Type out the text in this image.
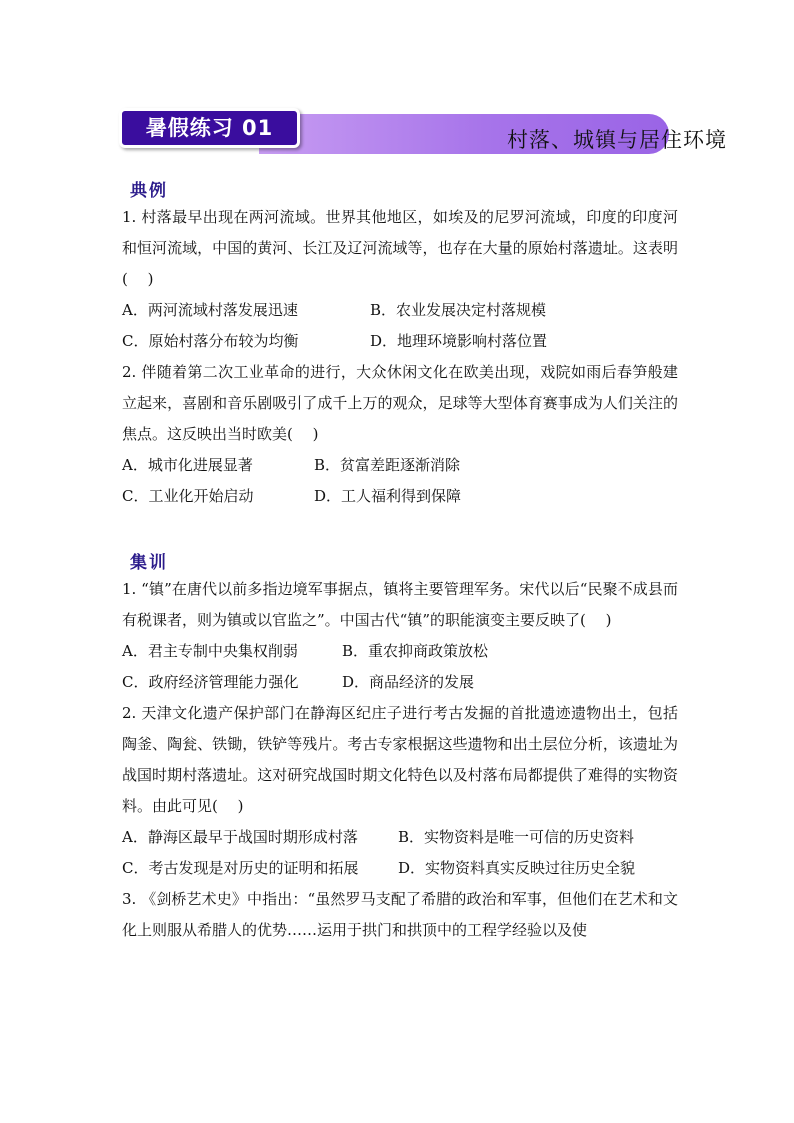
村落、城镇与居住环境
暑假练习 01
典例

1. 村落最早出现在两河流域。世界其他地区，如埃及的尼罗河流域，印度的印度河和恒河流域，中国的黄河、长江及辽河流域等，也存在大量的原始村落遗址。这表明(　 )

A．两河流域村落发展迅速	B．农业发展决定村落规模
C．原始村落分布较为均衡	D．地理环境影响村落位置

2. 伴随着第二次工业革命的进行，大众休闲文化在欧美出现，戏院如雨后春笋般建立起来，喜剧和音乐剧吸引了成千上万的观众，足球等大型体育赛事成为人们关注的焦点。这反映出当时欧美(　 )

A．城市化进展显著	B．贫富差距逐渐消除
C．工业化开始启动	D．工人福利得到保障
集训

1. “镇”在唐代以前多指边境军事据点，镇将主要管理军务。宋代以后“民聚不成县而有税课者，则为镇或以官监之”。中国古代“镇”的职能演变主要反映了(　 )

A．君主专制中央集权削弱	B．重农抑商政策放松
C．政府经济管理能力强化	D．商品经济的发展

2. 天津文化遗产保护部门在静海区纪庄子进行考古发掘的首批遗迹遗物出土，包括陶釜、陶瓮、铁锄，铁铲等残片。考古专家根据这些遗物和出土层位分析，该遗址为战国时期村落遗址。这对研究战国时期文化特色以及村落布局都提供了难得的实物资料。由此可见(　 )

A．静海区最早于战国时期形成村落	B．实物资料是唯一可信的历史资料
C．考古发现是对历史的证明和拓展	D．实物资料真实反映过往历史全貌

3. 《剑桥艺术史》中指出：“虽然罗马支配了希腊的政治和军事，但他们在艺术和文化上则服从希腊人的优势……运用于拱门和拱顶中的工程学经验以及使
